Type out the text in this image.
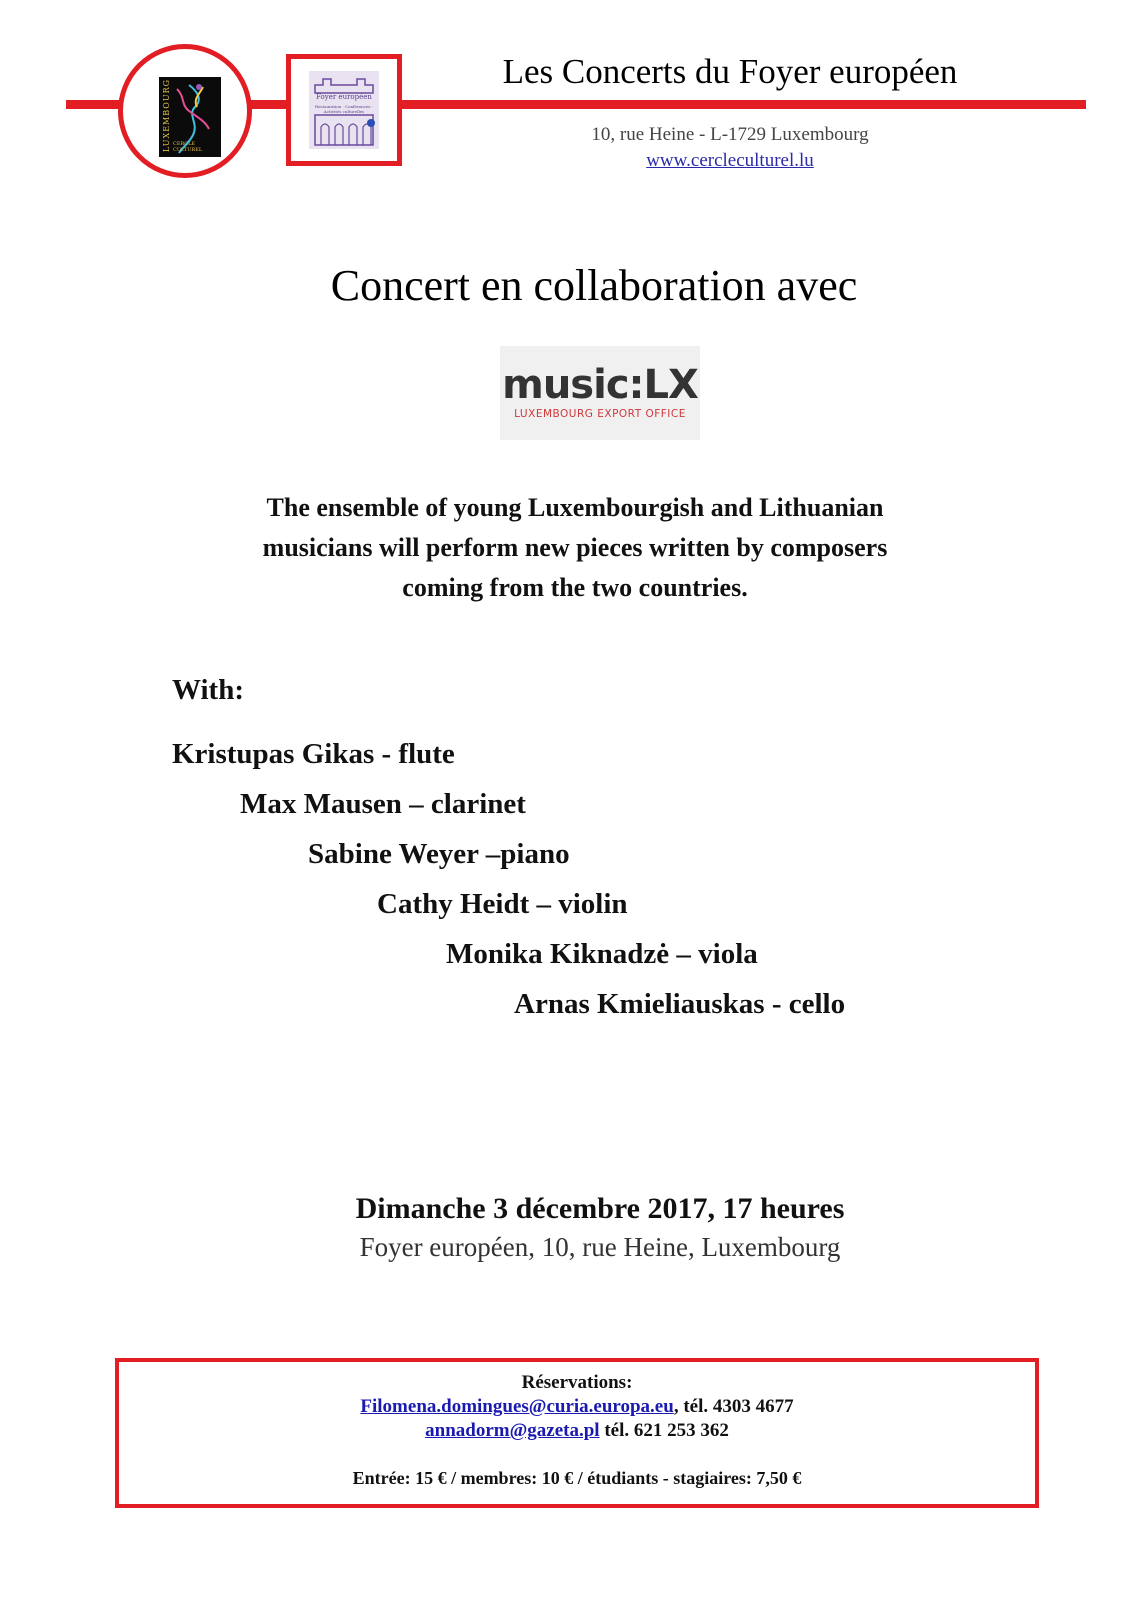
LUXEMBOURG CERCLE CULTUREL
Foyer européen
Restauration · Conférences · Activités culturelles
Les Concerts du Foyer européen
10, rue Heine - L-1729 Luxembourg
www.cercleculturel.lu
Concert en collaboration avec
music:LX
LUXEMBOURG EXPORT OFFICE
The ensemble of young Luxembourgish and Lithuanian
musicians will perform new pieces written by composers
coming from the two countries.
With:
Kristupas Gikas - flute
Max Mausen – clarinet
Sabine Weyer –piano
Cathy Heidt – violin
Monika Kiknadzė – viola
Arnas Kmieliauskas - cello
Dimanche 3 décembre 2017, 17 heures
Foyer européen, 10, rue Heine, Luxembourg
Réservations:
Filomena.domingues@curia.europa.eu, tél. 4303 4677
annadorm@gazeta.pl tél. 621 253 362
Entrée: 15 € / membres: 10 € / étudiants - stagiaires: 7,50 €
